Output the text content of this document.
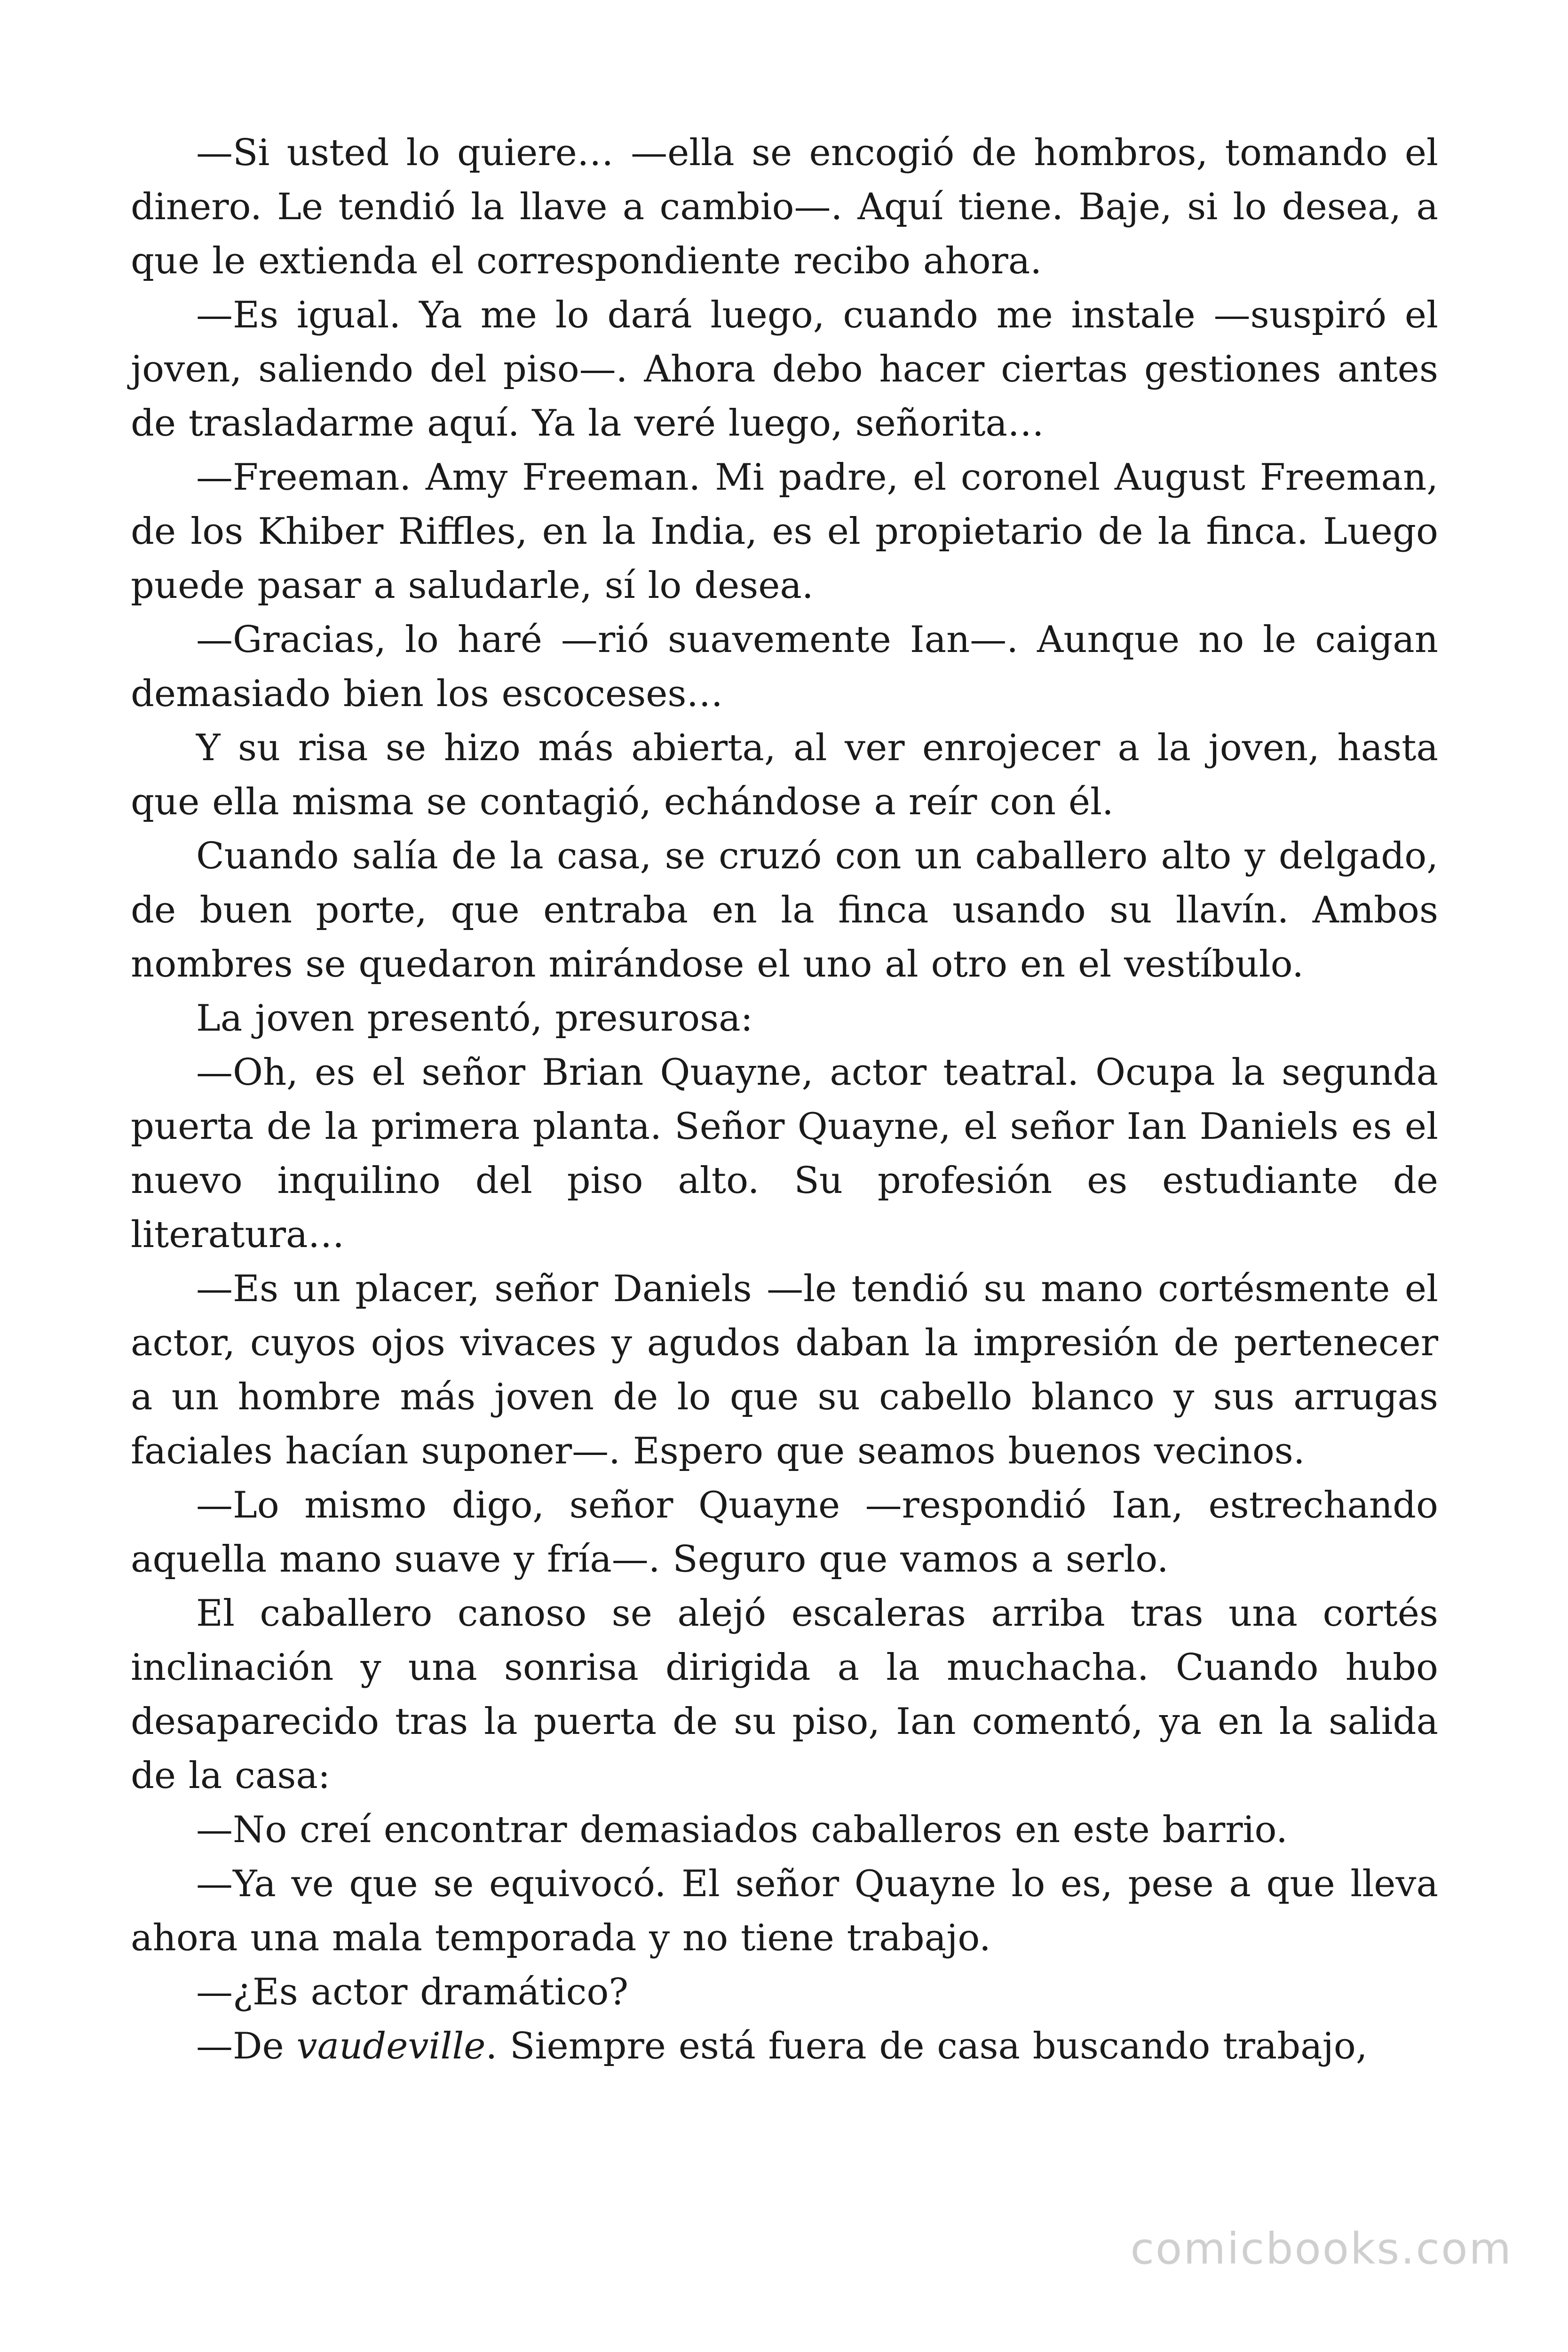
—Si usted lo quiere… —ella se encogió de hombros, tomando el dinero. Le tendió la llave a cambio—. Aquí tiene. Baje, si lo desea, a que le extienda el correspondiente recibo ahora.

—Es igual. Ya me lo dará luego, cuando me instale —suspiró el joven, saliendo del piso—. Ahora debo hacer ciertas gestiones antes de trasladarme aquí. Ya la veré luego, señorita…

—Freeman. Amy Freeman. Mi padre, el coronel August Freeman, de los Khiber Riffles, en la India, es el propietario de la finca. Luego puede pasar a saludarle, sí lo desea.

—Gracias, lo haré —rió suavemente Ian—. Aunque no le caigan demasiado bien los escoceses…

Y su risa se hizo más abierta, al ver enrojecer a la joven, hasta que ella misma se contagió, echándose a reír con él.

Cuando salía de la casa, se cruzó con un caballero alto y delgado, de buen porte, que entraba en la finca usando su llavín. Ambos nombres se quedaron mirándose el uno al otro en el vestíbulo.

La joven presentó, presurosa:

—Oh, es el señor Brian Quayne, actor teatral. Ocupa la segunda puerta de la primera planta. Señor Quayne, el señor Ian Daniels es el nuevo inquilino del piso alto. Su profesión es estudiante de literatura…

—Es un placer, señor Daniels —le tendió su mano cortésmente el actor, cuyos ojos vivaces y agudos daban la impresión de pertenecer a un hombre más joven de lo que su cabello blanco y sus arrugas faciales hacían suponer—. Espero que seamos buenos vecinos.

—Lo mismo digo, señor Quayne —respondió Ian, estrechando aquella mano suave y fría—. Seguro que vamos a serlo.

El caballero canoso se alejó escaleras arriba tras una cortés inclinación y una sonrisa dirigida a la muchacha. Cuando hubo desaparecido tras la puerta de su piso, Ian comentó, ya en la salida de la casa:

—No creí encontrar demasiados caballeros en este barrio.

—Ya ve que se equivocó. El señor Quayne lo es, pese a que lleva ahora una mala temporada y no tiene trabajo.

—¿Es actor dramático?

—De vaudeville. Siempre está fuera de casa buscando trabajo,

comicbooks.com
